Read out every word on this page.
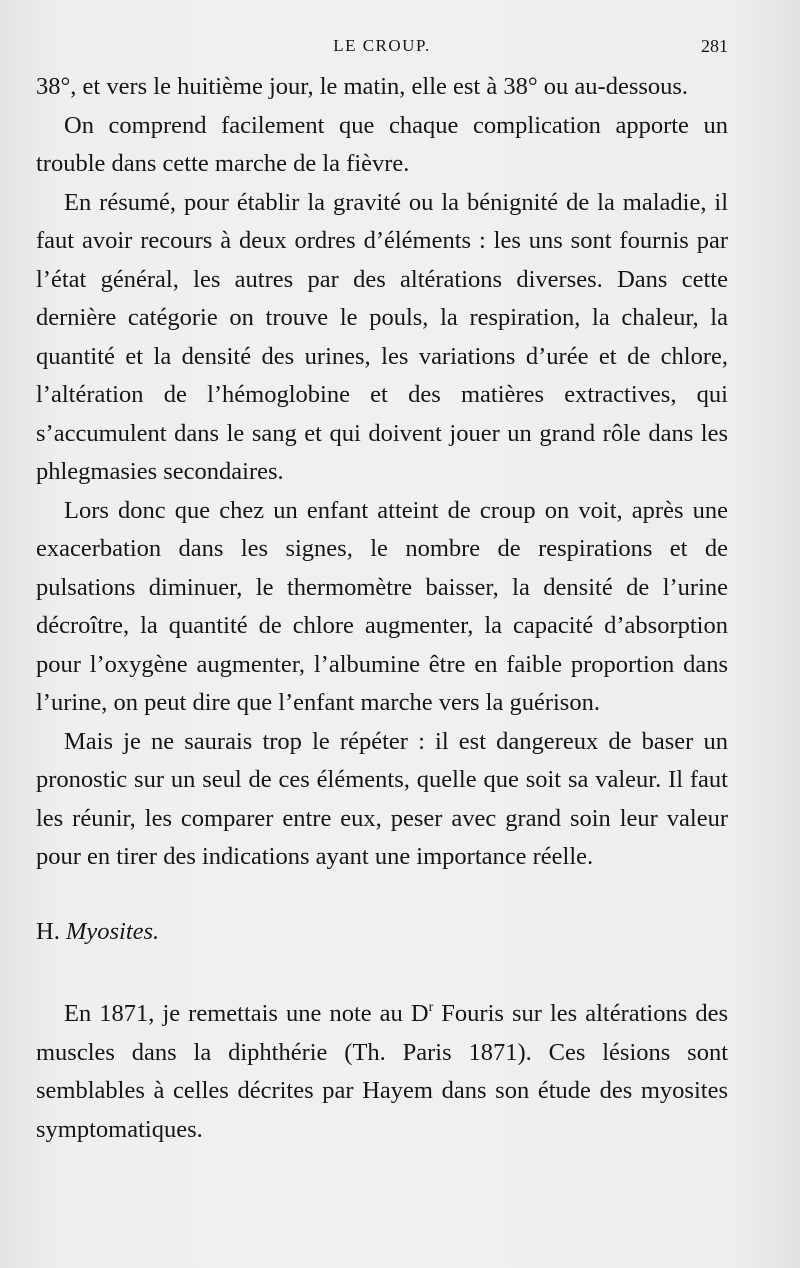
LE CROUP.	281

38°, et vers le huitième jour, le matin, elle est à 38° ou au-dessous.

On comprend facilement que chaque complication apporte un trouble dans cette marche de la fièvre.

En résumé, pour établir la gravité ou la bénignité de la maladie, il faut avoir recours à deux ordres d’éléments : les uns sont fournis par l’état général, les autres par des altérations diverses. Dans cette dernière catégorie on trouve le pouls, la respiration, la chaleur, la quantité et la densité des urines, les variations d’urée et de chlore, l’altération de l’hémoglobine et des matières extractives, qui s’accumulent dans le sang et qui doivent jouer un grand rôle dans les phlegmasies secondaires.

Lors donc que chez un enfant atteint de croup on voit, après une exacerbation dans les signes, le nombre de respirations et de pulsations diminuer, le thermomètre baisser, la densité de l’urine décroître, la quantité de chlore augmenter, la capacité d’absorption pour l’oxygène augmenter, l’albumine être en faible proportion dans l’urine, on peut dire que l’enfant marche vers la guérison.

Mais je ne saurais trop le répéter : il est dangereux de baser un pronostic sur un seul de ces éléments, quelle que soit sa valeur. Il faut les réunir, les comparer entre eux, peser avec grand soin leur valeur pour en tirer des indications ayant une importance réelle.

H. Myosites.

En 1871, je remettais une note au $D^r$ Fouris sur les altérations des muscles dans la diphthérie (Th. Paris 1871). Ces lésions sont semblables à celles décrites par Hayem dans son étude des myosites symptomatiques.
